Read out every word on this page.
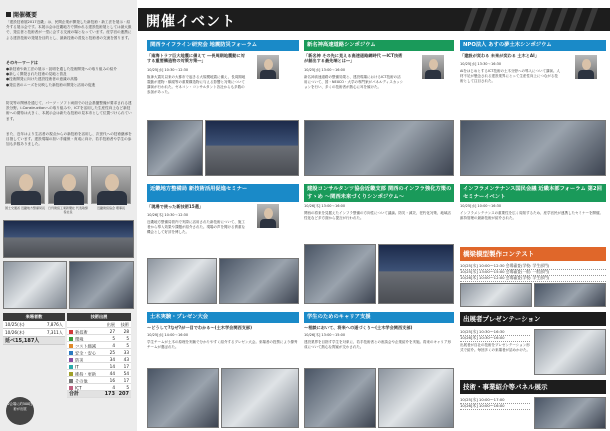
開催概要
「建設技術展2017近畿」は、民間企業が開発した新技術・新工法を展示・紹介する展示会です。本展示会は近畿地方で開かれる建設技術展としては最大級で、発注者と技術者が一堂に会する交流の場となっています。産学官の連携による建設技術の発展を目的とし、最新技術の普及と技術者の交流を図ります。
そのキーワードは
●新技術や新工法の展示・説明を通した技術開発への取り組みの紹介
●新しく開発された技術の見地と普及
●技術開発に向けた建設技術者の意識の高揚
●発注者のニーズを反映した新技術の開発と活用の促進
防災等の関係を通じて、パーツ・ソフト両面での社会基盤整備が要求される建設分野。i-Constructionへの取り組みや、ICTを活用した生産性向上など新技術への期待は大きく、本展示会は新たな技術の見本市として位置づけられています。
また、近年はより生活者の視点からの新技術を活用し、次世代への技術継承を目指しています。建設現場の担い手確保・育成に向け、若手技術者や学生の参加も多数ありました。
国土交通省 近畿地方整備局長 日刊建設工業新聞社 代表取締役社長
近畿建設協会 理事長
来場者数
10/25(水)	7,876人
10/26(木)	7,311人
延べ15,187人
技術出展
出展	技術
新技術	27	28
環境	5	5
コスト縮減	4	5
安全・安心	25	33
防災	34	43
IT	14	17
維持・更新	44	54
その他	16	17
ICT	4	5
合計	173 207
2会場に約500技術が出展
開催イベント
関西ライフライン研究会 地震防災フォーラム
「南海トラフ巨大地震に備えて ―長周期地震動に対する重要構造物の対策方策―」
10/25[水] 10:30～12:30
阪神大震災以来の大都市で起きる大規模地震に備え、長周期地震動が建物・橋梁等の重要構造物に与える影響と対策について講演が行われた。ゼネコン・コンサルタント各社からも多数の参加があった。
新名神高速道路シンポジウム
「新名神 その先に見える高速道路網時代 ―ICT技術が創出する最先端とは―」
10/25[水] 13:00～16:00
新名神高速道路の整備効果と、建設現場におけるICT技術の活用について、国・NEXCO・大学の専門家がパネルディスカッションを行い、多くの技術者が熱心に耳を傾けた。
NPO法人 あすの夢土木シンポジウム
「建設が変わる 未来が変わる 土木とAI」
10/25[水] 13:30～16:30
AIをはじめとするICT技術の土木分野への導入について講演。人材不足が懸念される建設業界にとって生産性向上につながる技術として注目された。
近畿地方整備局 新技術活用促進セミナー
「現場で使った新技術15選」
10/26[木] 10:30～12:30
近畿地方整備局管内で実際に活用された新技術について、施工者から導入効果や課題が紹介された。現場の声を聞ける貴重な機会として好評を博した。
建設コンサルタンツ協会近畿支部 関西のインフラ強化方策のすゝめ ～関西未来づくりシンポジウム～
10/26[木] 13:00～16:00
関西の将来を見据えたインフラ整備の方向性について議論。防災・減災、老朽化対策、地域活性化など多方面から提言が行われた。
インフラメンテナンス国民会議 近畿本部フォーラム 第2回セミナーイベント
10/25[水] 10:00～16:30
インフラメンテナンスの重要性を広く周知するため、産学官民が連携したセミナーを開催。維持管理の最新技術が紹介された。
橋梁模型製作コンテスト
10/25[水] 10:00～12:30 会場審査(学校: 学生部門)
10/25[水] 13:00～15:00 会場審査(一般: 一般部門)
10/26[木] 10:00～12:00 会場審査(学校: 学生部門)
土木実験・プレゼン大会
～どうして?なぜ?が一目でわかる～(土木学会関西支部)
10/25[水] 14:00～16:00
学生チームが土木の原理を実験で分かりやすく紹介するプレゼン大会。来場者の投票により優秀チームが選ばれた。
学生のためのキャリア支援
～相談において、将来への道づくり～(土木学会関西支部)
10/26[木] 13:00～15:00
建設業界を目指す学生を対象に、若手技術者との座談会や企業紹介を実施。将来のキャリア形成について熱心な質疑が交わされた。
出展者プレゼンテーション
10/25[水] 10:30～16:30
10/26[木] 10:30～16:00
出展者が自社の技術をプレゼンテーション形式で紹介。毎回多くの来場者が詰めかけた。
技術・事業紹介等パネル展示
10/25[水] 10:00～17:00
10/26[木] 10:00～16:00
